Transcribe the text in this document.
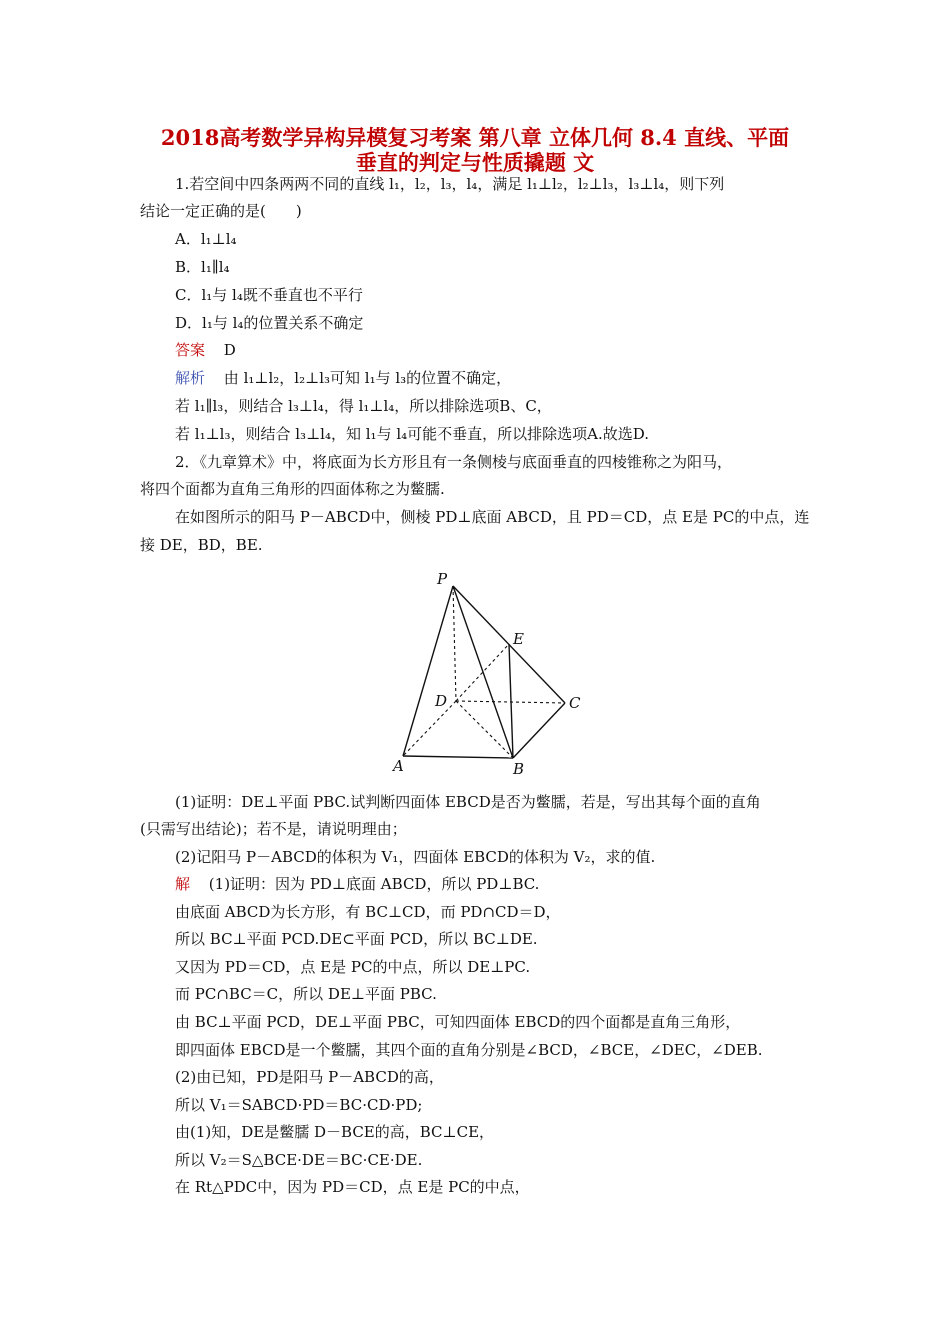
2018高考数学异构异模复习考案 第八章 立体几何 8.4 直线、平面
垂直的判定与性质撬题 文
1.若空间中四条两两不同的直线 l₁，l₂，l₃，l₄，满足 l₁⊥l₂，l₂⊥l₃，l₃⊥l₄，则下列
结论一定正确的是(　　)
A．l₁⊥l₄
B．l₁∥l₄
C．l₁与 l₄既不垂直也不平行
D．l₁与 l₄的位置关系不确定
答案 D
解析 由 l₁⊥l₂，l₂⊥l₃可知 l₁与 l₃的位置不确定，
若 l₁∥l₃，则结合 l₃⊥l₄，得 l₁⊥l₄，所以排除选项B、C，
若 l₁⊥l₃，则结合 l₃⊥l₄，知 l₁与 l₄可能不垂直，所以排除选项A.故选D.
2．《九章算术》中，将底面为长方形且有一条侧棱与底面垂直的四棱锥称之为阳马，
将四个面都为直角三角形的四面体称之为鳖臑.
在如图所示的阳马 P－ABCD中，侧棱 PD⊥底面 ABCD，且 PD＝CD，点 E是 PC的中点，连
接 DE，BD，BE.
P
E
D	C
A	B
(1)证明：DE⊥平面 PBC.试判断四面体 EBCD是否为鳖臑，若是，写出其每个面的直角
(只需写出结论)；若不是，请说明理由；
(2)记阳马 P－ABCD的体积为 V₁，四面体 EBCD的体积为 V₂，求的值.
解 (1)证明：因为 PD⊥底面 ABCD，所以 PD⊥BC.
由底面 ABCD为长方形，有 BC⊥CD，而 PD∩CD＝D，
所以 BC⊥平面 PCD.DE⊂平面 PCD，所以 BC⊥DE.
又因为 PD＝CD，点 E是 PC的中点，所以 DE⊥PC.
而 PC∩BC＝C，所以 DE⊥平面 PBC.
由 BC⊥平面 PCD，DE⊥平面 PBC，可知四面体 EBCD的四个面都是直角三角形，
即四面体 EBCD是一个鳖臑，其四个面的直角分别是∠BCD，∠BCE，∠DEC，∠DEB.
(2)由已知，PD是阳马 P－ABCD的高，
所以 V₁＝SABCD·PD＝BC·CD·PD;
由(1)知，DE是鳖臑 D－BCE的高，BC⊥CE，
所以 V₂＝S△BCE·DE＝BC·CE·DE.
在 Rt△PDC中，因为 PD＝CD，点 E是 PC的中点，
